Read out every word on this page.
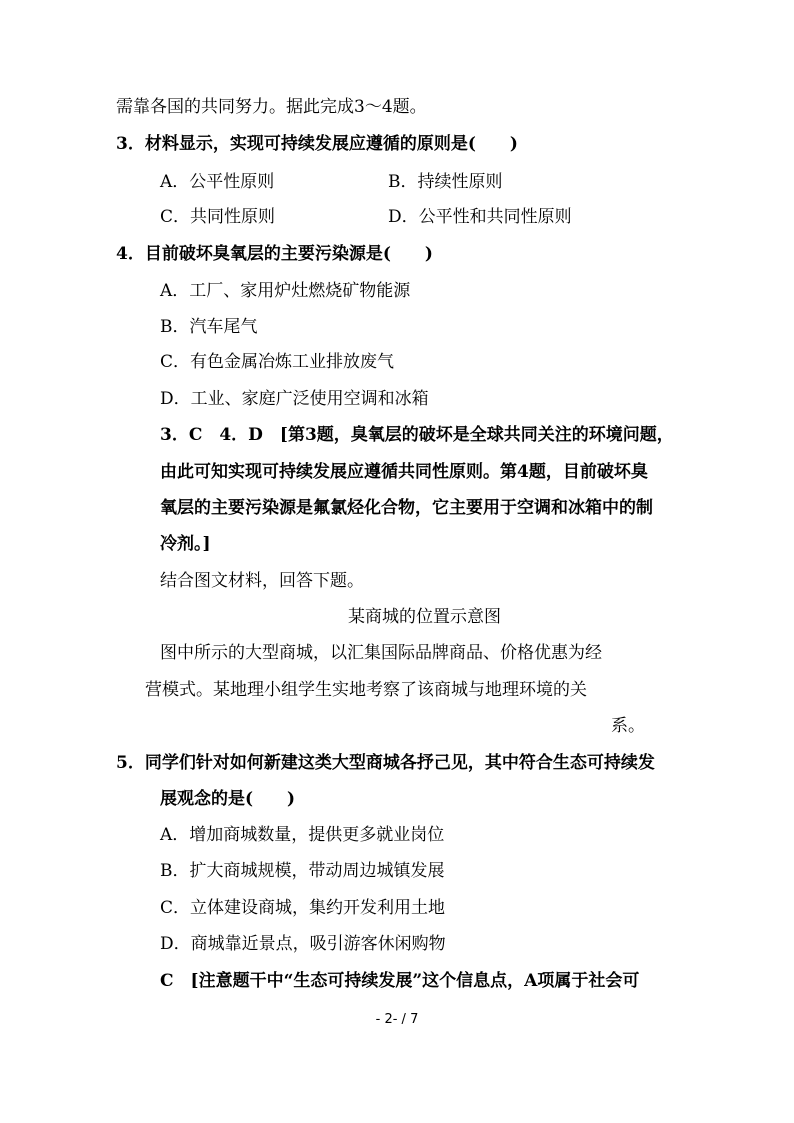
需靠各国的共同努力。据此完成3～4题。
3．材料显示，实现可持续发展应遵循的原则是(　　)
A．公平性原则	B．持续性原则
C．共同性原则	D．公平性和共同性原则
4．目前破坏臭氧层的主要污染源是(　　)
A．工厂、家用炉灶燃烧矿物能源
B．汽车尾气
C．有色金属冶炼工业排放废气
D．工业、家庭广泛使用空调和冰箱
3．C　4．D　[第3题，臭氧层的破坏是全球共同关注的环境问题，
由此可知实现可持续发展应遵循共同性原则。第4题，目前破坏臭
氧层的主要污染源是氟氯烃化合物，它主要用于空调和冰箱中的制
冷剂。]
结合图文材料，回答下题。
某商城的位置示意图
图中所示的大型商城，以汇集国际品牌商品、价格优惠为经
营模式。某地理小组学生实地考察了该商城与地理环境的关
系。
5．同学们针对如何新建这类大型商城各抒己见，其中符合生态可持续发
展观念的是(　　)
A．增加商城数量，提供更多就业岗位
B．扩大商城规模，带动周边城镇发展
C．立体建设商城，集约开发利用土地
D．商城靠近景点，吸引游客休闲购物
C　[注意题干中“生态可持续发展”这个信息点，A项属于社会可
- 2- / 7
